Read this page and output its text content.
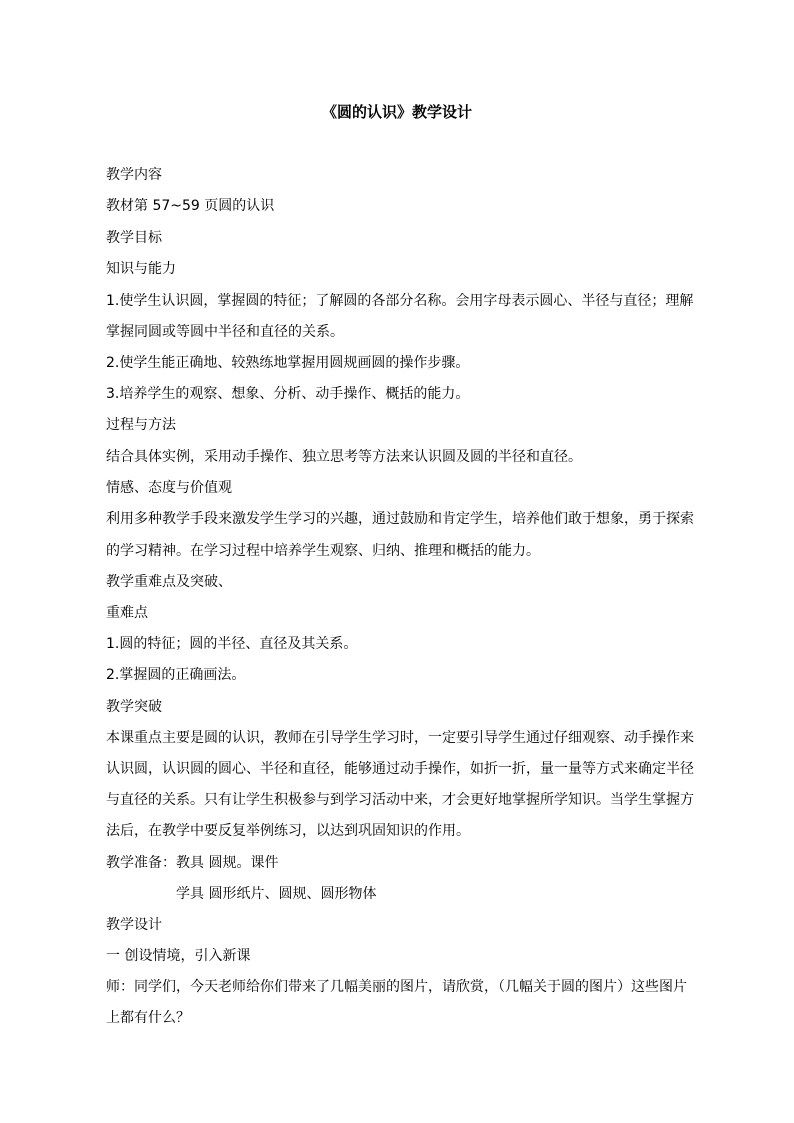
《圆的认识》教学设计
教学内容
教材第 57~59 页圆的认识
教学目标
知识与能力
1.使学生认识圆，掌握圆的特征；了解圆的各部分名称。会用字母表示圆心、半径与直径；理解
掌握同圆或等圆中半径和直径的关系。
2.使学生能正确地、较熟练地掌握用圆规画圆的操作步骤。
3.培养学生的观察、想象、分析、动手操作、概括的能力。
过程与方法
结合具体实例，采用动手操作、独立思考等方法来认识圆及圆的半径和直径。
情感、态度与价值观
利用多种教学手段来激发学生学习的兴趣，通过鼓励和肯定学生，培养他们敢于想象，勇于探索
的学习精神。在学习过程中培养学生观察、归纳、推理和概括的能力。
教学重难点及突破、
重难点
1.圆的特征；圆的半径、直径及其关系。
2.掌握圆的正确画法。
教学突破
本课重点主要是圆的认识，教师在引导学生学习时，一定要引导学生通过仔细观察、动手操作来
认识圆，认识圆的圆心、半径和直径，能够通过动手操作，如折一折，量一量等方式来确定半径
与直径的关系。只有让学生积极参与到学习活动中来，才会更好地掌握所学知识。当学生掌握方
法后，在教学中要反复举例练习，以达到巩固知识的作用。
教学准备：教具 圆规。课件
学具 圆形纸片、圆规、圆形物体
教学设计
一 创设情境，引入新课
师：同学们，今天老师给你们带来了几幅美丽的图片，请欣赏，（几幅关于圆的图片）这些图片
上都有什么？
